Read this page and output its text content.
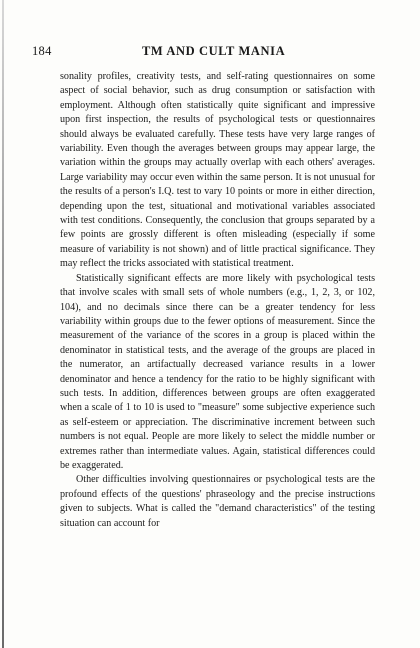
184	TM AND CULT MANIA

sonality profiles, creativity tests, and self-rating questionnaires on some aspect of social behavior, such as drug consumption or satisfaction with employment. Although often statistically quite significant and impressive upon first inspection, the results of psychological tests or questionnaires should always be evaluated carefully. These tests have very large ranges of variability. Even though the averages between groups may appear large, the variation within the groups may actually overlap with each others' averages. Large variability may occur even within the same person. It is not unusual for the results of a person's I.Q. test to vary 10 points or more in either direction, depending upon the test, situational and motivational variables associated with test conditions. Consequently, the conclusion that groups separated by a few points are grossly different is often misleading (especially if some measure of variability is not shown) and of little practical significance. They may reflect the tricks associated with statistical treatment.

Statistically significant effects are more likely with psychological tests that involve scales with small sets of whole numbers (e.g., 1, 2, 3, or 102, 104), and no decimals since there can be a greater tendency for less variability within groups due to the fewer options of measurement. Since the measurement of the variance of the scores in a group is placed within the denominator in statistical tests, and the average of the groups are placed in the numerator, an artifactually decreased variance results in a lower denominator and hence a tendency for the ratio to be highly significant with such tests. In addition, differences between groups are often exaggerated when a scale of 1 to 10 is used to "measure" some subjective experience such as self-esteem or appreciation. The discriminative increment between such numbers is not equal. People are more likely to select the middle number or extremes rather than intermediate values. Again, statistical differences could be exaggerated.

Other difficulties involving questionnaires or psychological tests are the profound effects of the questions' phraseology and the precise instructions given to subjects. What is called the "demand characteristics" of the testing situation can account for
